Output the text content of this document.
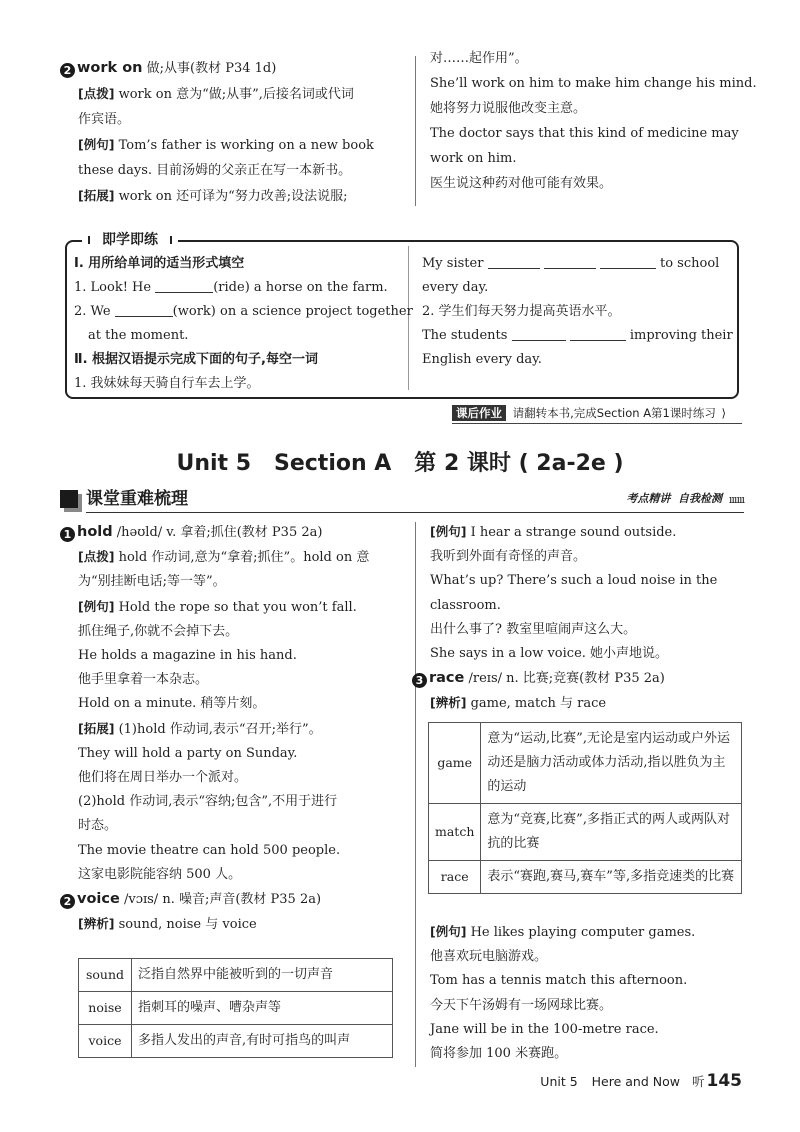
2 work on 做;从事(教材 P34 1d)
[点拨] work on 意为“做;从事”,后接名词或代词
作宾语。
[例句] Tom’s father is working on a new book
these days. 目前汤姆的父亲正在写一本新书。
[拓展] work on 还可译为“努力改善;设法说服;
对……起作用”。
She’ll work on him to make him change his mind.
她将努力说服他改变主意。
The doctor says that this kind of medicine may
work on him.
医生说这种药对他可能有效果。
即学即练
Ⅰ. 用所给单词的适当形式填空
1. Look! He	(ride) a horse on the farm.
2. We	(work) on a science project together
at the moment.
Ⅱ. 根据汉语提示完成下面的句子,每空一词
1. 我妹妹每天骑自行车去上学。
My sister	to school
every day.
2. 学生们每天努力提高英语水平。
The students	improving their
English every day.
课后作业 请翻转本书,完成Section A第1课时练习 ⟩
Unit 5   Section A   第 2 课时 ( 2a-2e )
课堂重难梳理	考点精讲  自我检测 ıııııı
1 hold /həʊld/ v. 拿着;抓住(教材 P35 2a)
[点拨] hold 作动词,意为“拿着;抓住”。hold on 意
为“别挂断电话;等一等”。
[例句] Hold the rope so that you won’t fall.
抓住绳子,你就不会掉下去。
He holds a magazine in his hand.
他手里拿着一本杂志。
Hold on a minute. 稍等片刻。
[拓展] (1)hold 作动词,表示“召开;举行”。
They will hold a party on Sunday.
他们将在周日举办一个派对。
(2)hold 作动词,表示“容纳;包含”,不用于进行
时态。
The movie theatre can hold 500 people.
这家电影院能容纳 500 人。
2 voice /vɔɪs/ n. 噪音;声音(教材 P35 2a)
[辨析] sound, noise 与 voice
sound	泛指自然界中能被听到的一切声音
noise	指刺耳的噪声、嘈杂声等
voice	多指人发出的声音,有时可指鸟的叫声
[例句] I hear a strange sound outside.
我听到外面有奇怪的声音。
What’s up? There’s such a loud noise in the
classroom.
出什么事了? 教室里喧闹声这么大。
She says in a low voice. 她小声地说。
3 race /reɪs/ n. 比赛;竞赛(教材 P35 2a)
[辨析] game, match 与 race
game	意为“运动,比赛”,无论是室内运动或户外运动还是脑力活动或体力活动,指以胜负为主的运动
match	意为“竞赛,比赛”,多指正式的两人或两队对抗的比赛
race	表示“赛跑,赛马,赛车”等,多指竞速类的比赛
[例句] He likes playing computer games.
他喜欢玩电脑游戏。
Tom has a tennis match this afternoon.
今天下午汤姆有一场网球比赛。
Jane will be in the 100-metre race.
简将参加 100 米赛跑。
Unit 5 Here and Now 听 145
